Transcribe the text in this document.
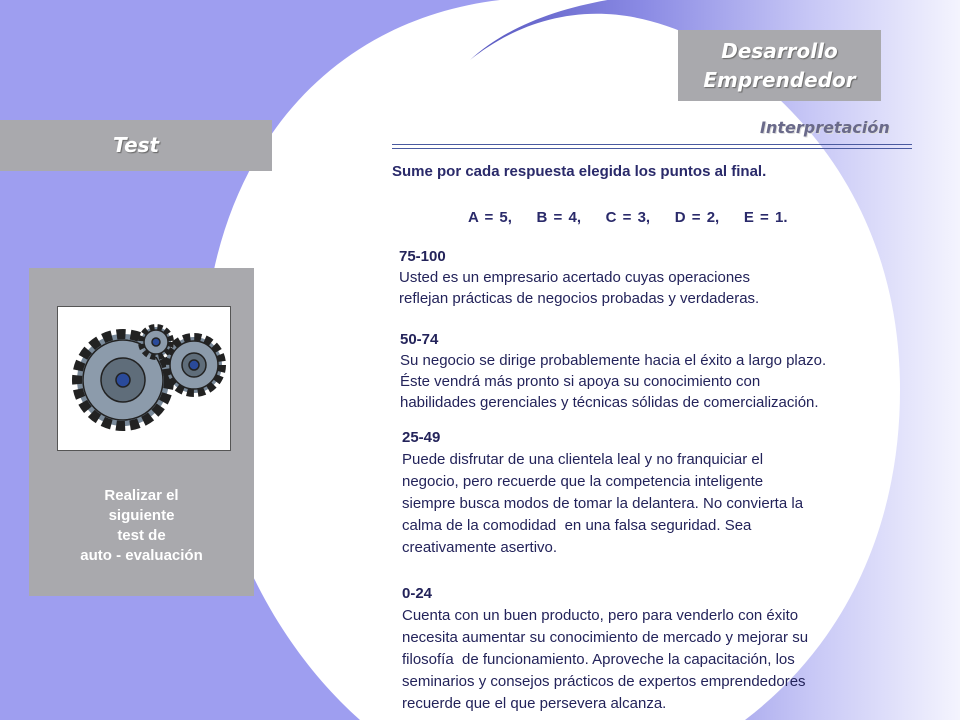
Desarrollo
Emprendedor
Test
Interpretación
Realizar el
siguiente
test de
auto - evaluación
Sume por cada respuesta elegida los puntos al final.
A = 5,    B = 4,    C = 3,    D = 2,    E = 1.
75-100
Usted es un empresario acertado cuyas operaciones
reflejan prácticas de negocios probadas y verdaderas.
50-74
Su negocio se dirige probablemente hacia el éxito a largo plazo.
Éste vendrá más pronto si apoya su conocimiento con
habilidades gerenciales y técnicas sólidas de comercialización.
25-49
Puede disfrutar de una clientela leal y no franquiciar el
negocio, pero recuerde que la competencia inteligente
siempre busca modos de tomar la delantera. No convierta la
calma de la comodidad  en una falsa seguridad. Sea
creativamente asertivo.
0-24
Cuenta con un buen producto, pero para venderlo con éxito
necesita aumentar su conocimiento de mercado y mejorar su
filosofía  de funcionamiento. Aproveche la capacitación, los
seminarios y consejos prácticos de expertos emprendedores
recuerde que el que persevera alcanza.
